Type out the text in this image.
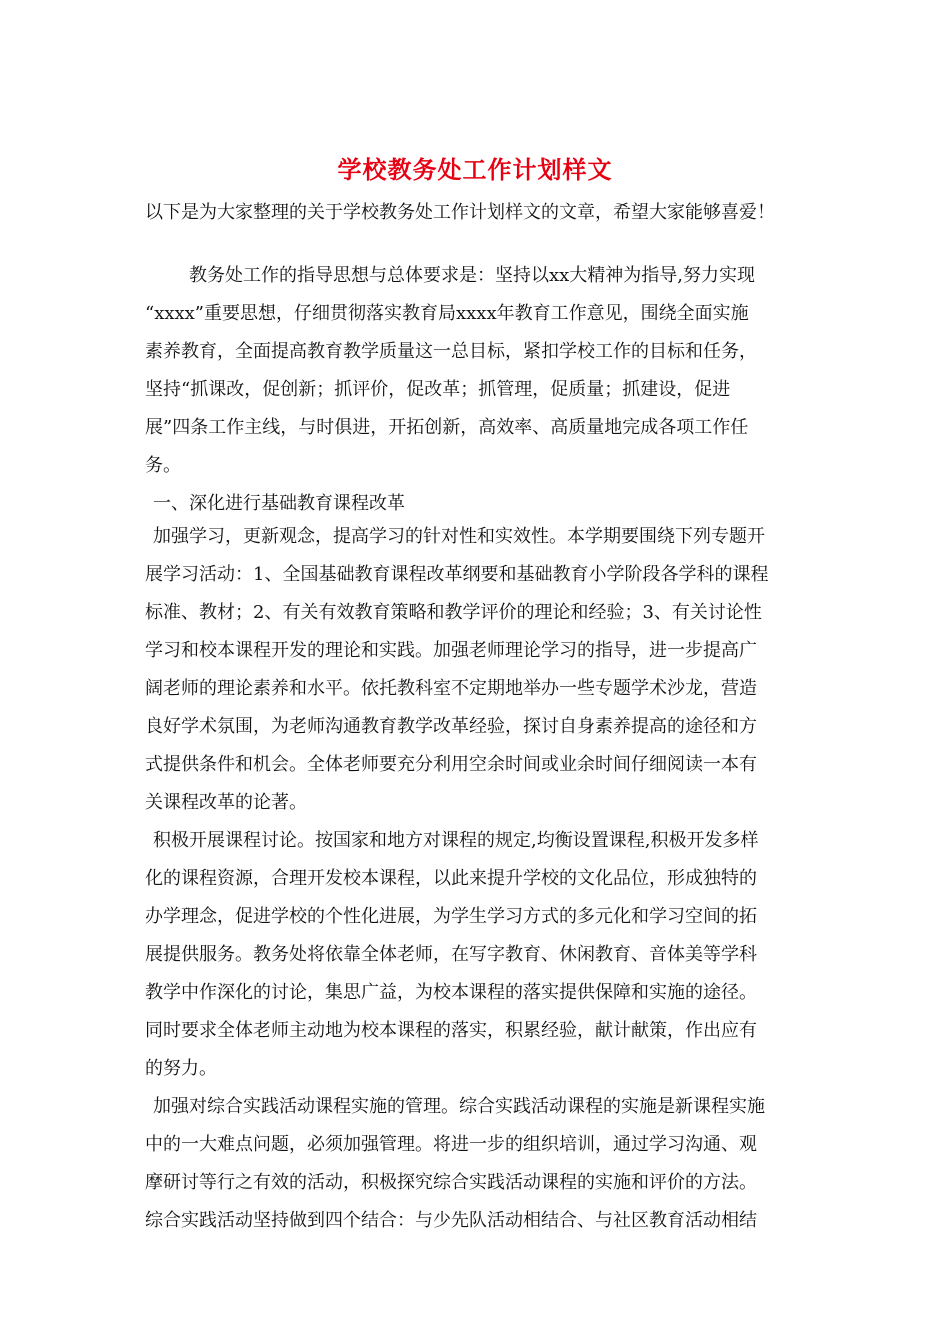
学校教务处工作计划样文
以下是为大家整理的关于学校教务处工作计划样文的文章，希望大家能够喜爱！
教务处工作的指导思想与总体要求是：坚持以xx大精神为指导,努力实现
“xxxx”重要思想，仔细贯彻落实教育局xxxx年教育工作意见，围绕全面实施
素养教育，全面提高教育教学质量这一总目标，紧扣学校工作的目标和任务，
坚持“抓课改，促创新；抓评价，促改革；抓管理，促质量；抓建设，促进
展”四条工作主线，与时俱进，开拓创新，高效率、高质量地完成各项工作任
务。
一、深化进行基础教育课程改革
加强学习，更新观念，提高学习的针对性和实效性。本学期要围绕下列专题开
展学习活动：1、全国基础教育课程改革纲要和基础教育小学阶段各学科的课程
标准、教材；2、有关有效教育策略和教学评价的理论和经验；3、有关讨论性
学习和校本课程开发的理论和实践。加强老师理论学习的指导，进一步提高广
阔老师的理论素养和水平。依托教科室不定期地举办一些专题学术沙龙，营造
良好学术氛围，为老师沟通教育教学改革经验，探讨自身素养提高的途径和方
式提供条件和机会。全体老师要充分利用空余时间或业余时间仔细阅读一本有
关课程改革的论著。
积极开展课程讨论。按国家和地方对课程的规定,均衡设置课程,积极开发多样
化的课程资源，合理开发校本课程，以此来提升学校的文化品位，形成独特的
办学理念，促进学校的个性化进展，为学生学习方式的多元化和学习空间的拓
展提供服务。教务处将依靠全体老师，在写字教育、休闲教育、音体美等学科
教学中作深化的讨论，集思广益，为校本课程的落实提供保障和实施的途径。
同时要求全体老师主动地为校本课程的落实，积累经验，献计献策，作出应有
的努力。
加强对综合实践活动课程实施的管理。综合实践活动课程的实施是新课程实施
中的一大难点问题，必须加强管理。将进一步的组织培训，通过学习沟通、观
摩研讨等行之有效的活动，积极探究综合实践活动课程的实施和评价的方法。
综合实践活动坚持做到四个结合：与少先队活动相结合、与社区教育活动相结
